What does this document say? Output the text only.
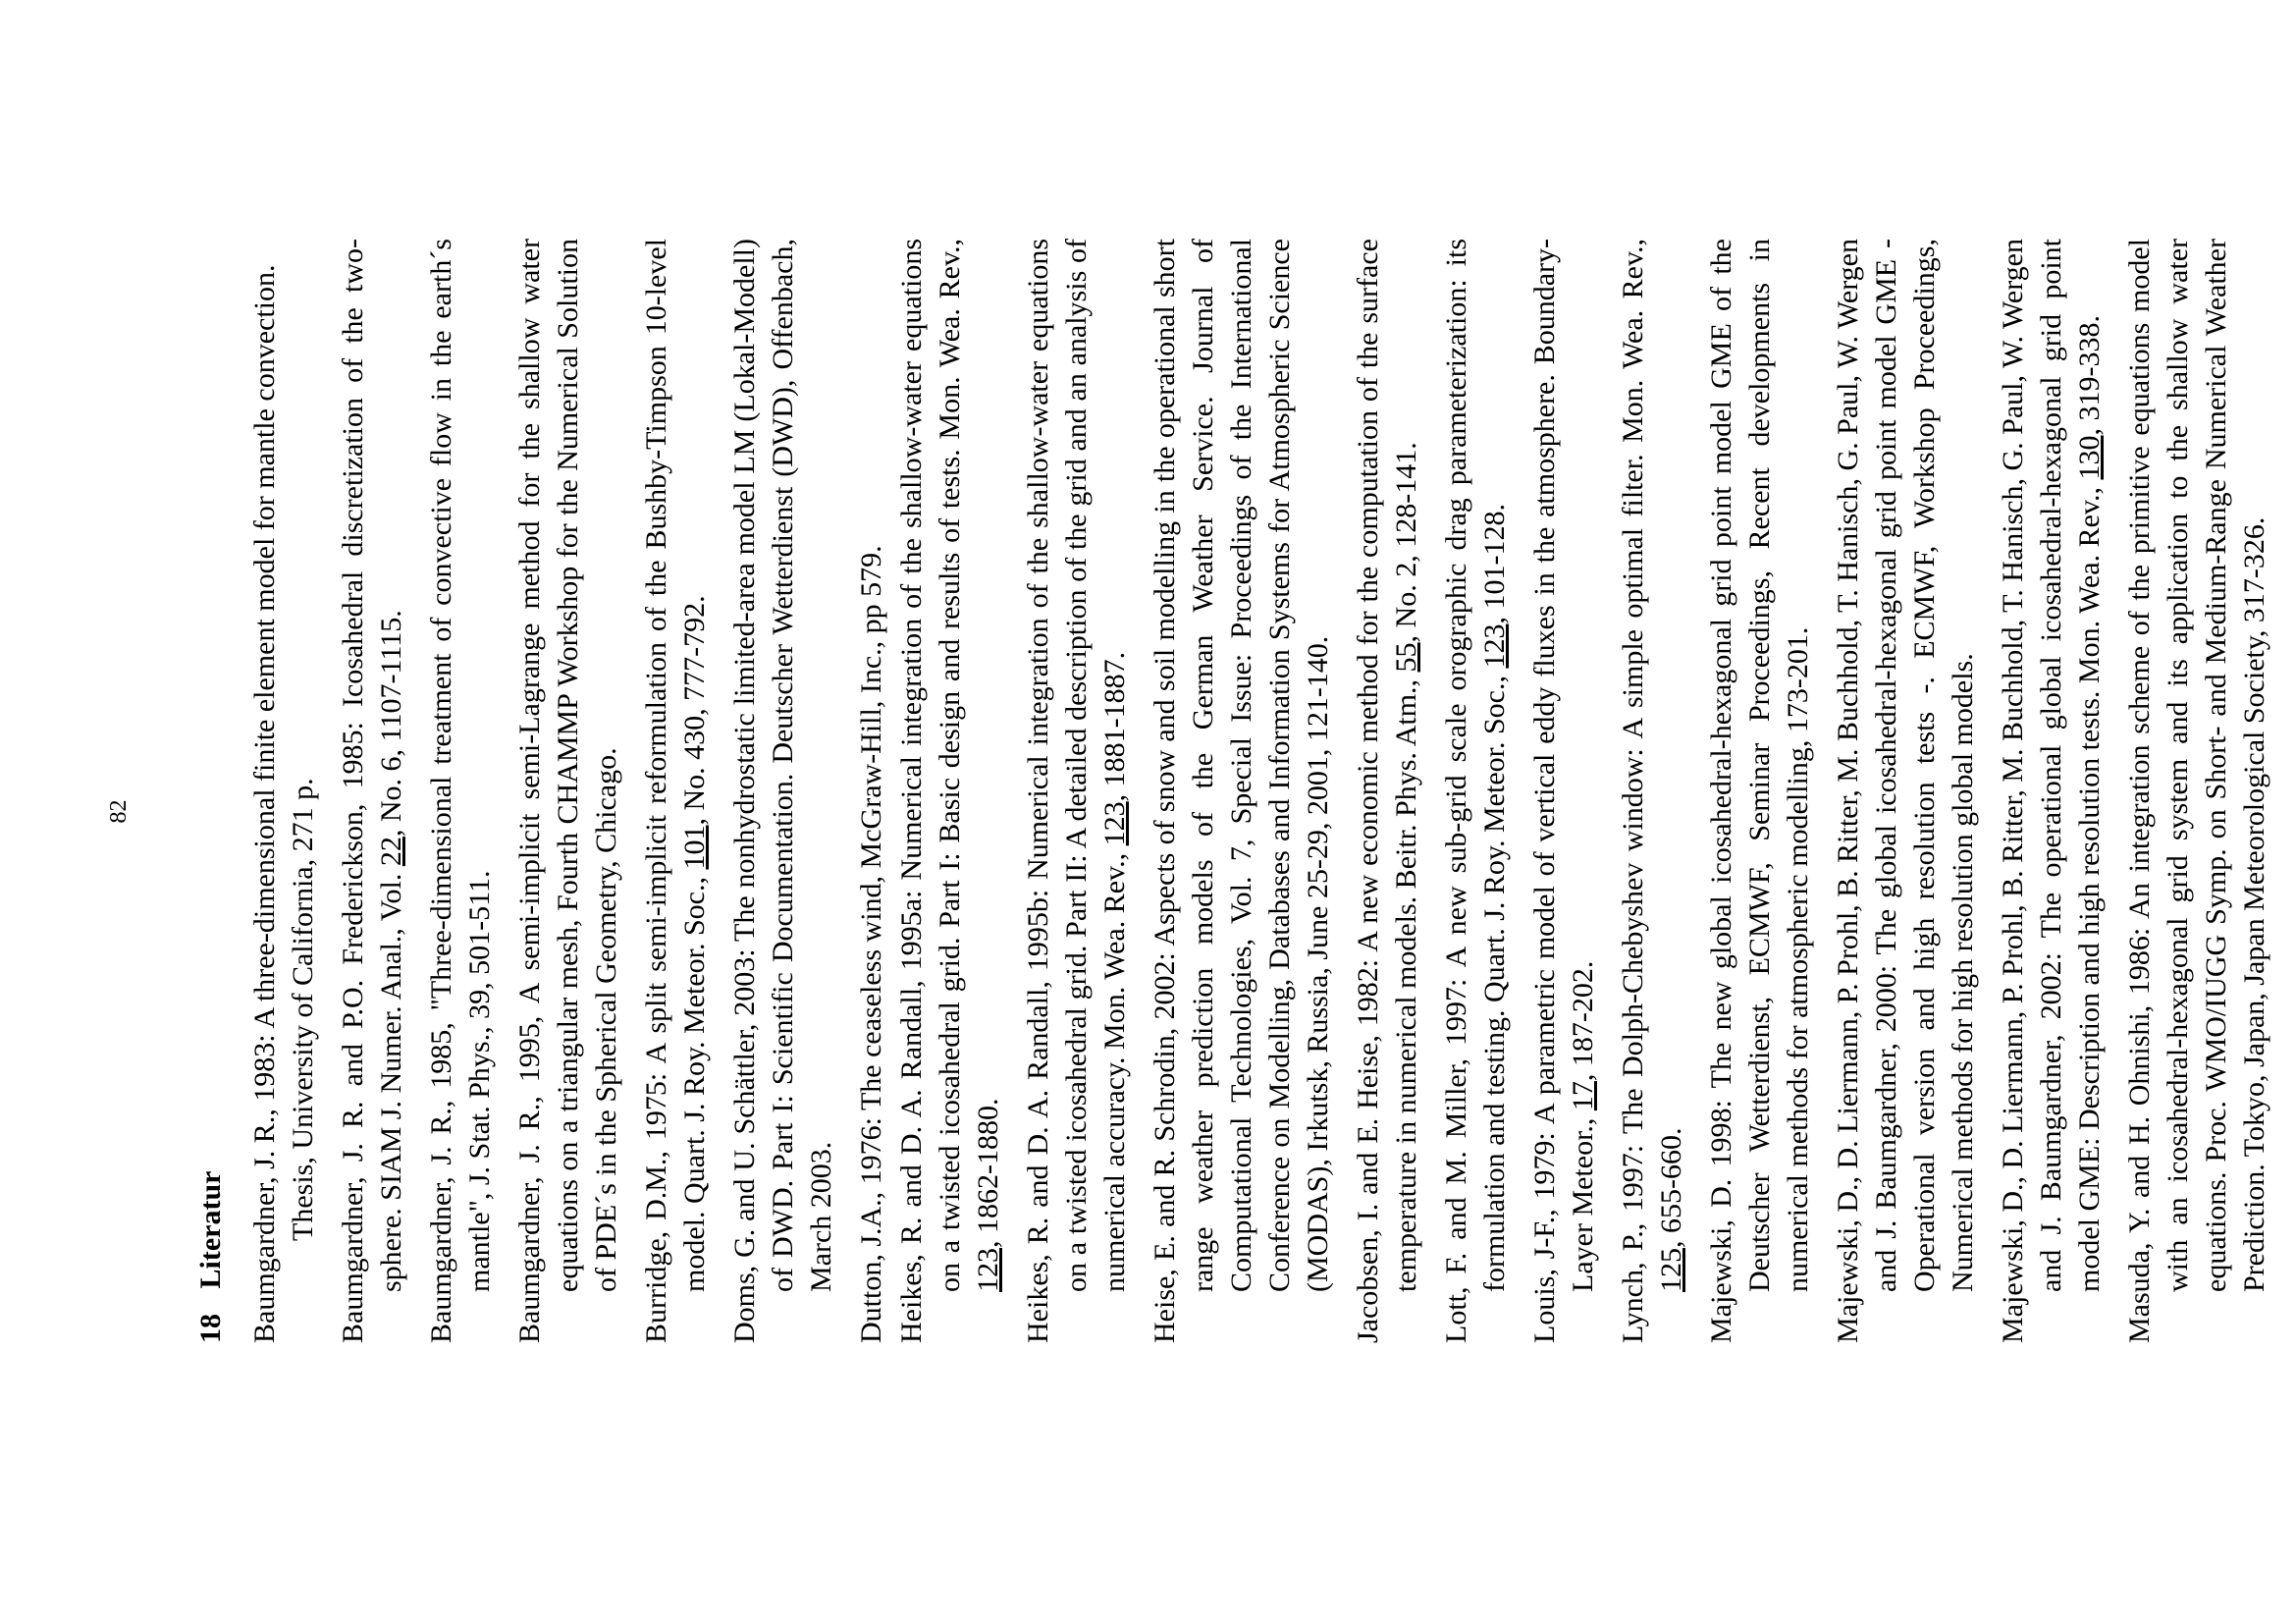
82
18 Literatur Baumgardner, J. R., 1983: A three-dimensional finite element model for mantle convection. Thesis, University of California, 271 p. Baumgardner, J. R. and P.O. Frederickson, 1985: Icosahedral discretization of the two-sphere. SIAM J. Numer. Anal., Vol. 22, No. 6, 1107-1115. Baumgardner, J. R., 1985, "Three-dimensional treatment of convective flow in the earth´s mantle", J. Stat. Phys., 39, 501-511. Baumgardner, J. R., 1995, A semi-implicit semi-Lagrange method for the shallow water equations on a triangular mesh, Fourth CHAMMP Workshop for the Numerical Solution of PDE´s in the Spherical Geometry, Chicago. Burridge, D.M., 1975: A split semi-implicit reformulation of the Bushby-Timpson 10-level model. Quart. J. Roy. Meteor. Soc., 101, No. 430, 777-792. Doms, G. and U. Schättler, 2003: The nonhydrostatic limited-area model LM (Lokal-Modell) of DWD. Part I: Scientific Documentation. Deutscher Wetterdienst (DWD), Offenbach, March 2003. Dutton, J.A., 1976: The ceaseless wind, McGraw-Hill, Inc., pp 579. Heikes, R. and D. A. Randall, 1995a: Numerical integration of the shallow-water equations on a twisted icosahedral grid. Part I: Basic design and results of tests. Mon. Wea. Rev., 123, 1862-1880. Heikes, R. and D. A. Randall, 1995b: Numerical integration of the shallow-water equations on a twisted icosahedral grid. Part II: A detailed description of the grid and an analysis of numerical accuracy. Mon. Wea. Rev., 123, 1881-1887. Heise, E. and R. Schrodin, 2002: Aspects of snow and soil modelling in the operational short range weather prediction models of the German Weather Service. Journal of Computational Technologies, Vol. 7, Special Issue: Proceedings of the International Conference on Modelling, Databases and Information Systems for Atmospheric Science (MODAS), Irkutsk, Russia, June 25-29, 2001, 121-140. Jacobsen, I. and E. Heise, 1982: A new economic method for the computation of the surface temperature in numerical models. Beitr. Phys. Atm., 55, No. 2, 128-141. Lott, F. and M. Miller, 1997: A new sub-grid scale orographic drag parameterization: its formulation and testing. Quart. J. Roy. Meteor. Soc., 123, 101-128. Louis, J-F., 1979: A parametric model of vertical eddy fluxes in the atmosphere. Boundary-Layer Meteor., 17, 187-202. Lynch, P., 1997: The Dolph-Chebyshev window: A simple optimal filter. Mon. Wea. Rev., 125, 655-660. Majewski, D. 1998: The new global icosahedral-hexagonal grid point model GME of the Deutscher Wetterdienst, ECMWF, Seminar Proceedings, Recent developments in numerical methods for atmospheric modelling, 173-201. Majewski, D., D. Liermann, P. Prohl, B. Ritter, M. Buchhold, T. Hanisch, G. Paul, W. Wergen and J. Baumgardner, 2000: The global icosahedral-hexagonal grid point model GME - Operational version and high resolution tests -. ECMWF, Workshop Proceedings, Numerical methods for high resolution global models. Majewski, D., D. Liermann, P. Prohl, B. Ritter, M. Buchhold, T. Hanisch, G. Paul, W. Wergen and J. Baumgardner, 2002: The operational global icosahedral-hexagonal grid point model GME: Description and high resolution tests. Mon. Wea. Rev., 130, 319-338. Masuda, Y. and H. Ohnishi, 1986: An integration scheme of the primitive equations model with an icosahedral-hexagonal grid system and its application to the shallow water equations. Proc. WMO/IUGG Symp. on Short- and Medium-Range Numerical Weather Prediction. Tokyo, Japan, Japan Meteorological Society, 317-326.
